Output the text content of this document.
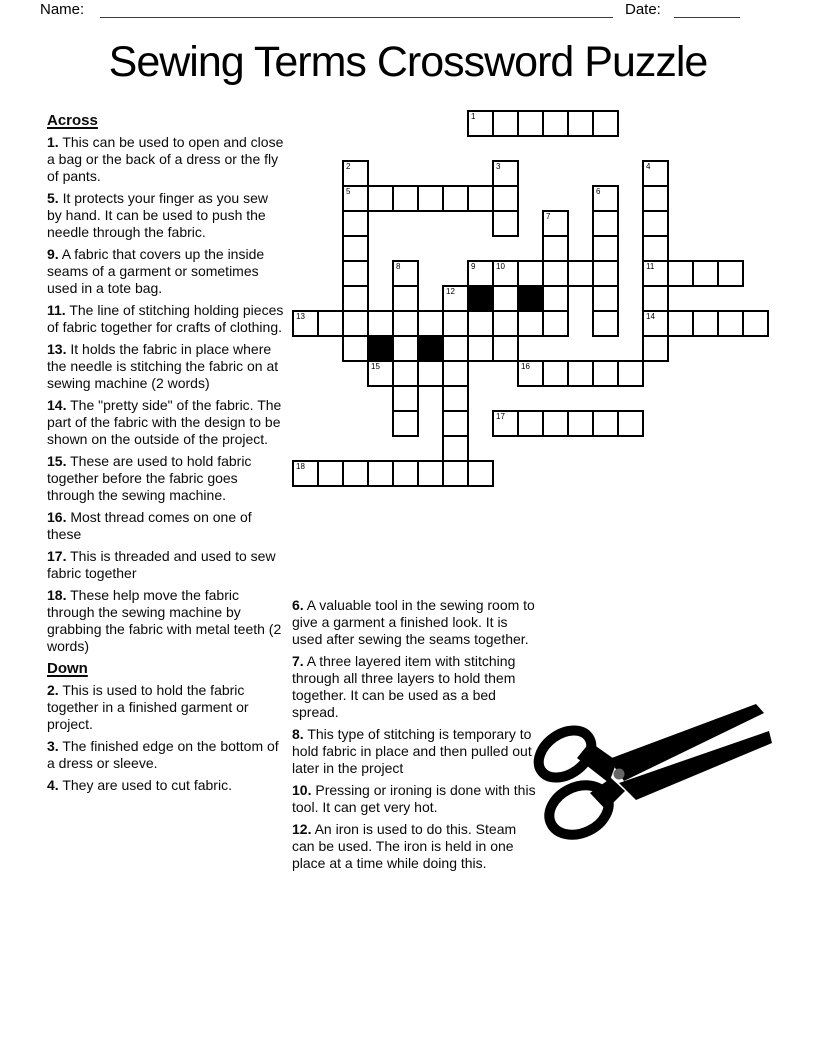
Name:	Date:
Sewing Terms Crossword Puzzle
Across
1. This can be used to open and close a bag or the back of a dress or the fly of pants.
5. It protects your finger as you sew by hand. It can be used to push the needle through the fabric.
9. A fabric that covers up the inside seams of a garment or sometimes used in a tote bag.
11. The line of stitching holding pieces of fabric together for crafts of clothing.
13. It holds the fabric in place where the needle is stitching the fabric on at sewing machine (2 words)
14. The "pretty side" of the fabric. The part of the fabric with the design to be shown on the outside of the project.
15. These are used to hold fabric together before the fabric goes through the sewing machine.
16. Most thread comes on one of these
17. This is threaded and used to sew fabric together
18. These help move the fabric through the sewing machine by grabbing the fabric with metal teeth (2 words)
Down
2. This is used to hold the fabric together in a finished garment or project.
3. The finished edge on the bottom of a dress or sleeve.
4. They are used to cut fabric.
1
2	3	4
5	6
7
8	9	10	11
12
13	14
15	16
17
18
6. A valuable tool in the sewing room to give a garment a finished look. It is used after sewing the seams together.
7. A three layered item with stitching through all three layers to hold them together. It can be used as a bed spread.
8. This type of stitching is temporary to hold fabric in place and then pulled out later in the project
10. Pressing or ironing is done with this tool. It can get very hot.
12. An iron is used to do this. Steam can be used. The iron is held in one place at a time while doing this.
